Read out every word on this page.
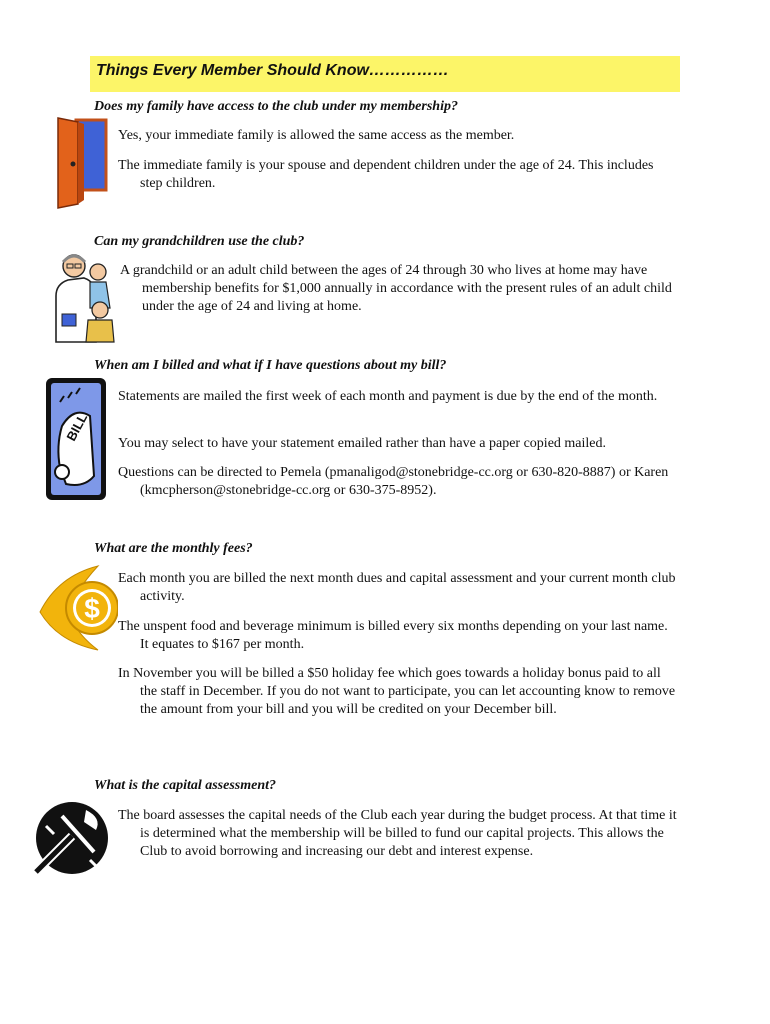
Things Every Member Should Know……………
Does my family have access to the club under my membership?
Yes, your immediate family is allowed the same access as the member.
The immediate family is your spouse and dependent children under the age of 24. This includes step children.
Can my grandchildren use the club?
A grandchild or an adult child between the ages of 24 through 30 who lives at home may have membership benefits for $1,000 annually in accordance with the present rules of an adult child under the age of 24 and living at home.
When am I billed and what if I have questions about my bill?
BILL
Statements are mailed the first week of each month and payment is due by the end of the month.
You may select to have your statement emailed rather than have a paper copied mailed.
Questions can be directed to Pemela (pmanaligod@stonebridge-cc.org or 630-820-8887) or Karen (kmcpherson@stonebridge-cc.org or 630-375-8952).
What are the monthly fees?
$
Each month you are billed the next month dues and capital assessment and your current month club activity.
The unspent food and beverage minimum is billed every six months depending on your last name. It equates to $167 per month.
In November you will be billed a $50 holiday fee which goes towards a holiday bonus paid to all the staff in December. If you do not want to participate, you can let accounting know to remove the amount from your bill and you will be credited on your December bill.
What is the capital assessment?
The board assesses the capital needs of the Club each year during the budget process. At that time it is determined what the membership will be billed to fund our capital projects. This allows the Club to avoid borrowing and increasing our debt and interest expense.
